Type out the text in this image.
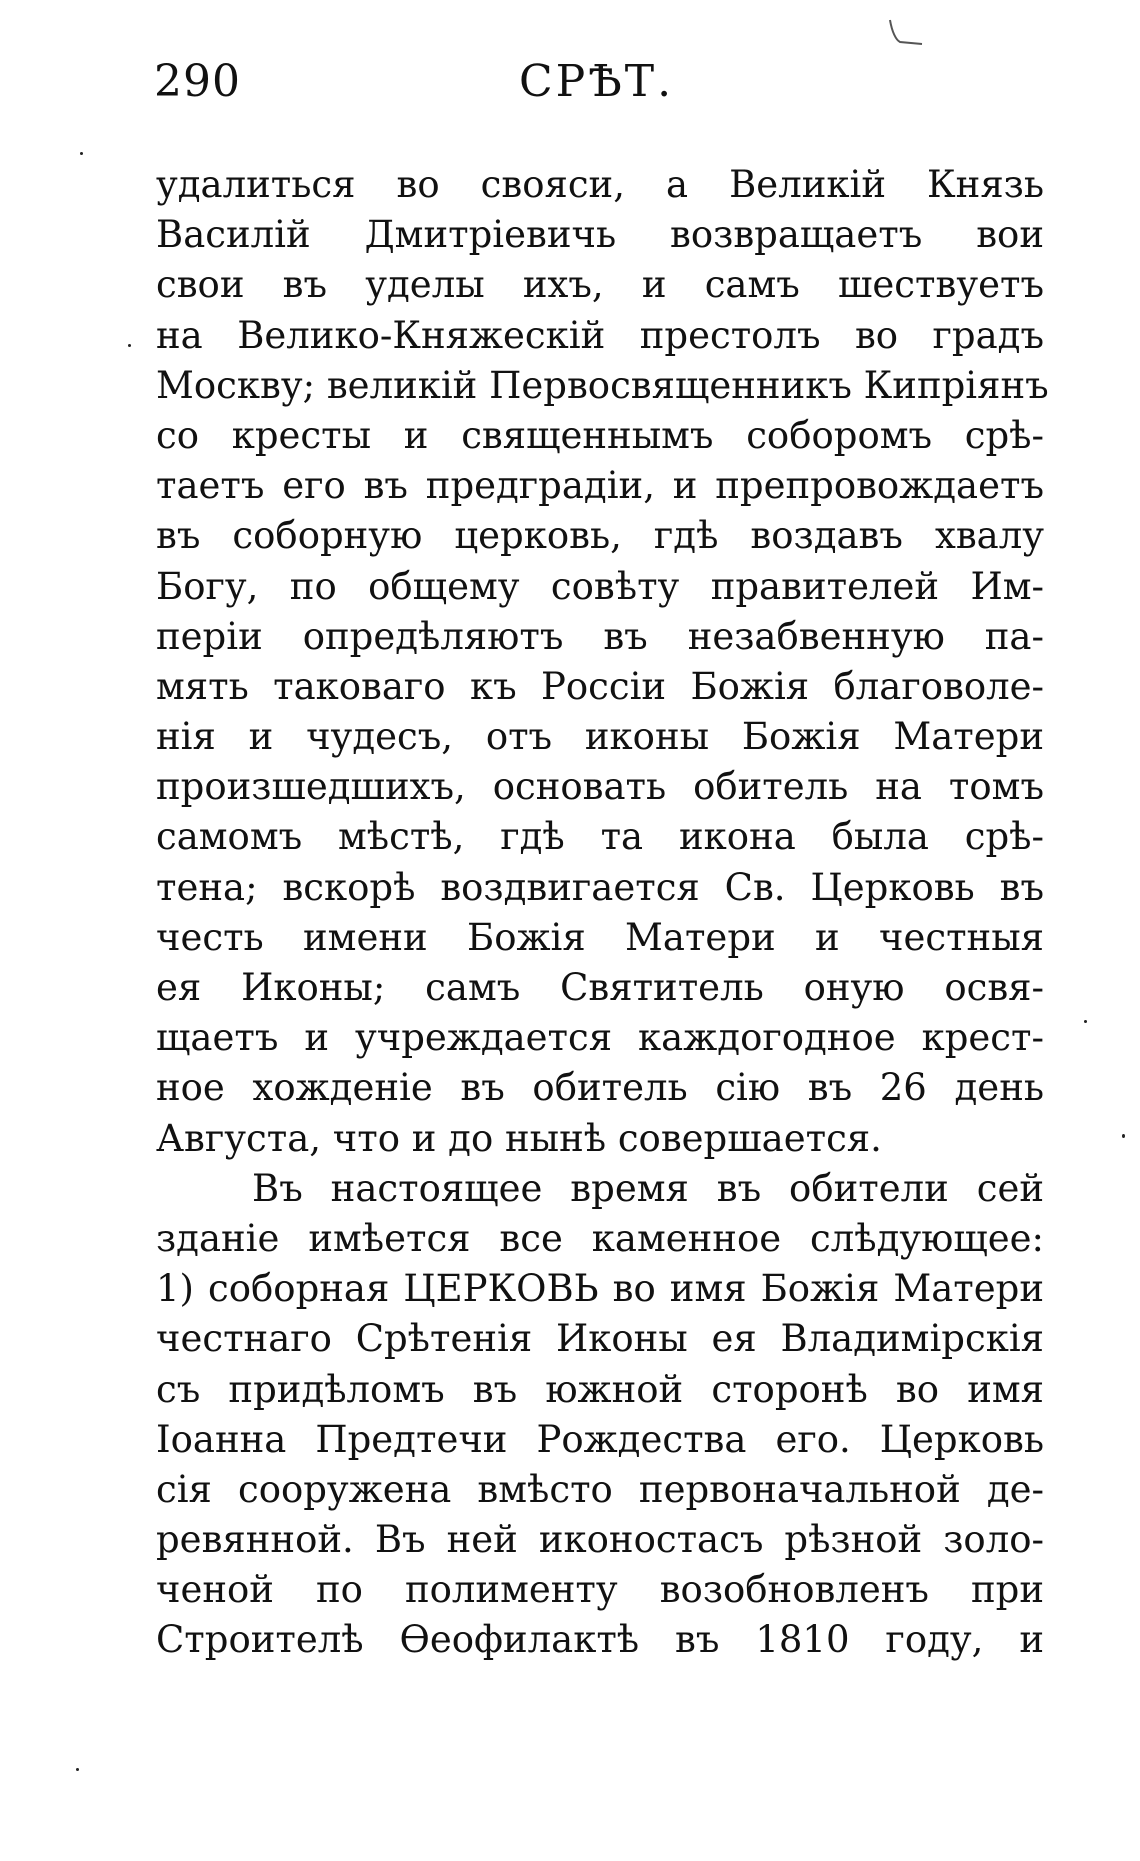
290	СРѢТ.
удалиться во свояси, а Великій Князь
Василій Дмитріевичь возвращаетъ вои
свои въ уделы ихъ, и самъ шествуетъ
на Велико-Княжескій престолъ во градъ
Москву; великій Первосвященникъ Кипріянъ
со кресты и священнымъ соборомъ срѣ-
таетъ его въ предградіи, и препровождаетъ
въ соборную церковь, гдѣ воздавъ хвалу
Богу, по общему совѣту правителей Им-
періи опредѣляютъ въ незабвенную па-
мять таковаго къ Россіи Божія благоволе-
нія и чудесъ, отъ иконы Божія Матери
произшедшихъ, основать обитель на томъ
самомъ мѣстѣ, гдѣ та икона была срѣ-
тена; вскорѣ воздвигается Св. Церковь въ
честь имени Божія Матери и честныя
ея Иконы; самъ Святитель оную освя-
щаетъ и учреждается каждогодное крест-
ное хожденіе въ обитель сію въ 26 день
Августа, что и до нынѣ совершается.
Въ настоящее время въ обители сей
зданіе имѣется все каменное слѣдующее:
1) соборная ЦЕРКОВЬ во имя Божія Матери
честнаго Срѣтенія Иконы ея Владимірскія
съ придѣломъ въ южной сторонѣ во имя
Іоанна Предтечи Рождества его. Церковь
сія сооружена вмѣсто первоначальной де-
ревянной. Въ ней иконостасъ рѣзной золо-
ченой по полименту возобновленъ при
Строителѣ Ѳеофилактѣ въ 1810 году, и
